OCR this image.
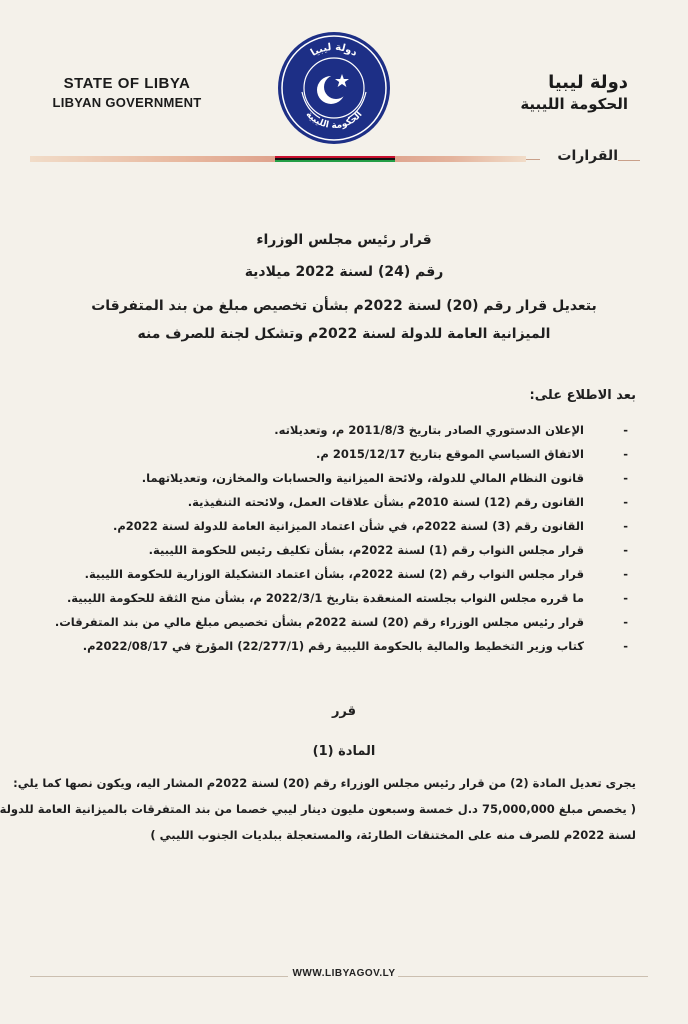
STATE OF LIBYA
LIBYAN GOVERNMENT
دولة ليبيا
الحكومة الليبية
دولة ليبيا
الحكومة الليبية
القرارات
قرار رئيس مجلس الوزراء
رقم (24) لسنة 2022 ميلادية
بتعديل قرار رقم (20) لسنة 2022م بشأن تخصيص مبلغ من بند المتفرقات
الميزانية العامة للدولة لسنة 2022م وتشكل لجنة للصرف منه
بعد الاطلاع على:
-
الإعلان الدستوري الصادر بتاريخ 2011/8/3 م، وتعديلاته.
-
الاتفاق السياسي الموقع بتاريخ 2015/12/17 م.
-
قانون النظام المالي للدولة، ولائحة الميزانية والحسابات والمخازن، وتعديلاتهما.
-
القانون رقم (12) لسنة 2010م بشأن علاقات العمل، ولائحته التنفيذية.
-
القانون رقم (3) لسنة 2022م، في شأن اعتماد الميزانية العامة للدولة لسنة 2022م.
-
قرار مجلس النواب رقم (1) لسنة 2022م، بشأن تكليف رئيس للحكومة الليبية.
-
قرار مجلس النواب رقم (2) لسنة 2022م، بشأن اعتماد التشكيلة الوزارية للحكومة الليبية.
-
ما قرره مجلس النواب بجلسته المنعقدة بتاريخ 2022/3/1 م، بشأن منح الثقة للحكومة الليبية.
-
قرار رئيس مجلس الوزراء رقم (20) لسنة 2022م بشأن تخصيص مبلغ مالي من بند المتفرقات.
-
كتاب وزير التخطيط والمالية بالحكومة الليبية رقم (22/277/1) المؤرخ في 2022/08/17م.
قرر
المادة (1)
يجرى تعديل المادة (2) من قرار رئيس مجلس الوزراء رقم (20) لسنة 2022م المشار اليه، ويكون نصها كما يلي:
( يخصص مبلغ 75,000,000 د.ل خمسة وسبعون مليون دينار ليبي خصما من بند المتفرقات بالميزانية العامة للدولة
لسنة 2022م للصرف منه على المختنقات الطارئة، والمستعجلة ببلديات الجنوب الليبي )
WWW.LIBYAGOV.LY
